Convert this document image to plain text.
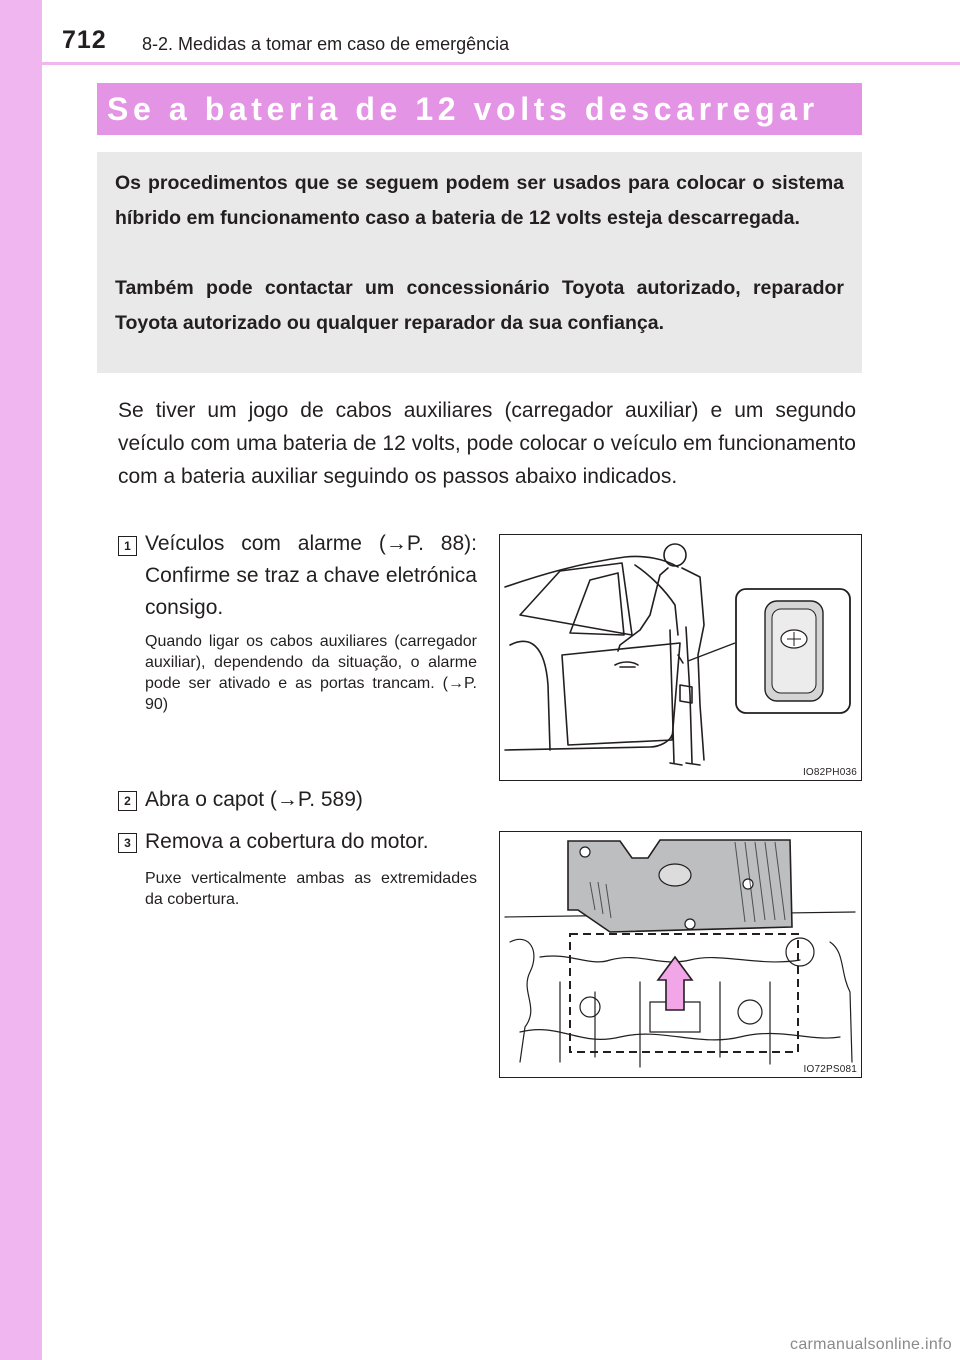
712 8-2. Medidas a tomar em caso de emergência
Se a bateria de 12 volts descarregar

Os procedimentos que se seguem podem ser usados para colocar o sistema híbrido em funcionamento caso a bateria de 12 volts esteja descarregada.

Também pode contactar um concessionário Toyota autorizado, reparador Toyota autorizado ou qualquer reparador da sua confiança.

Se tiver um jogo de cabos auxiliares (carregador auxiliar) e um segundo veículo com uma bateria de 12 volts, pode colocar o veículo em funcionamento com a bateria auxiliar seguindo os passos abaixo indicados.

1 Veículos com alarme (→P. 88): Confirme se traz a chave eletrónica consigo.

Quando ligar os cabos auxiliares (carregador auxiliar), dependendo da situação, o alarme pode ser ativado e as portas trancam. (→P. 90)

IO82PH036
2 Abra o capot (→P. 589)

3 Remova a cobertura do motor.

Puxe verticalmente ambas as extremidades da cobertura.

IO72PS081
carmanualsonline.info
